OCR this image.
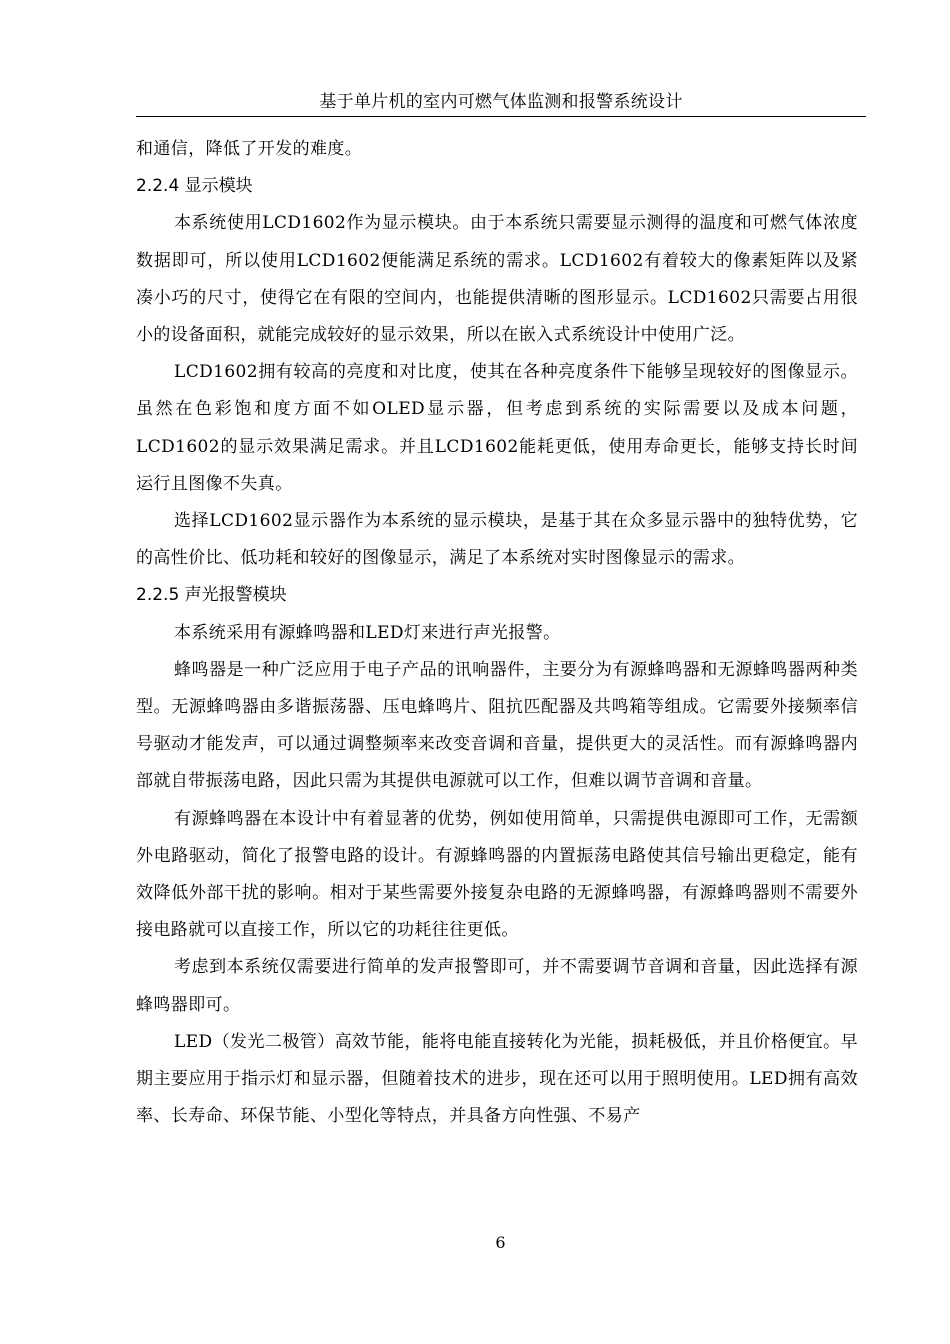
基于单片机的室内可燃气体监测和报警系统设计

和通信，降低了开发的难度。

2.2.4 显示模块

本系统使用LCD1602作为显示模块。由于本系统只需要显示测得的温度和可燃气体浓度数据即可，所以使用LCD1602便能满足系统的需求。LCD1602有着较大的像素矩阵以及紧凑小巧的尺寸，使得它在有限的空间内，也能提供清晰的图形显示。LCD1602只需要占用很小的设备面积，就能完成较好的显示效果，所以在嵌入式系统设计中使用广泛。

LCD1602拥有较高的亮度和对比度，使其在各种亮度条件下能够呈现较好的图像显示。虽然在色彩饱和度方面不如OLED显示器，但考虑到系统的实际需要以及成本问题，LCD1602的显示效果满足需求。并且LCD1602能耗更低，使用寿命更长，能够支持长时间运行且图像不失真。

选择LCD1602显示器作为本系统的显示模块，是基于其在众多显示器中的独特优势，它的高性价比、低功耗和较好的图像显示，满足了本系统对实时图像显示的需求。

2.2.5 声光报警模块

本系统采用有源蜂鸣器和LED灯来进行声光报警。

蜂鸣器是一种广泛应用于电子产品的讯响器件，主要分为有源蜂鸣器和无源蜂鸣器两种类型。无源蜂鸣器由多谐振荡器、压电蜂鸣片、阻抗匹配器及共鸣箱等组成。它需要外接频率信号驱动才能发声，可以通过调整频率来改变音调和音量，提供更大的灵活性。而有源蜂鸣器内部就自带振荡电路，因此只需为其提供电源就可以工作，但难以调节音调和音量。

有源蜂鸣器在本设计中有着显著的优势，例如使用简单，只需提供电源即可工作，无需额外电路驱动，简化了报警电路的设计。有源蜂鸣器的内置振荡电路使其信号输出更稳定，能有效降低外部干扰的影响。相对于某些需要外接复杂电路的无源蜂鸣器，有源蜂鸣器则不需要外接电路就可以直接工作，所以它的功耗往往更低。

考虑到本系统仅需要进行简单的发声报警即可，并不需要调节音调和音量，因此选择有源蜂鸣器即可。

LED（发光二极管）高效节能，能将电能直接转化为光能，损耗极低，并且价格便宜。早期主要应用于指示灯和显示器，但随着技术的进步，现在还可以用于照明使用。LED拥有高效率、长寿命、环保节能、小型化等特点，并具备方向性强、不易产

6
